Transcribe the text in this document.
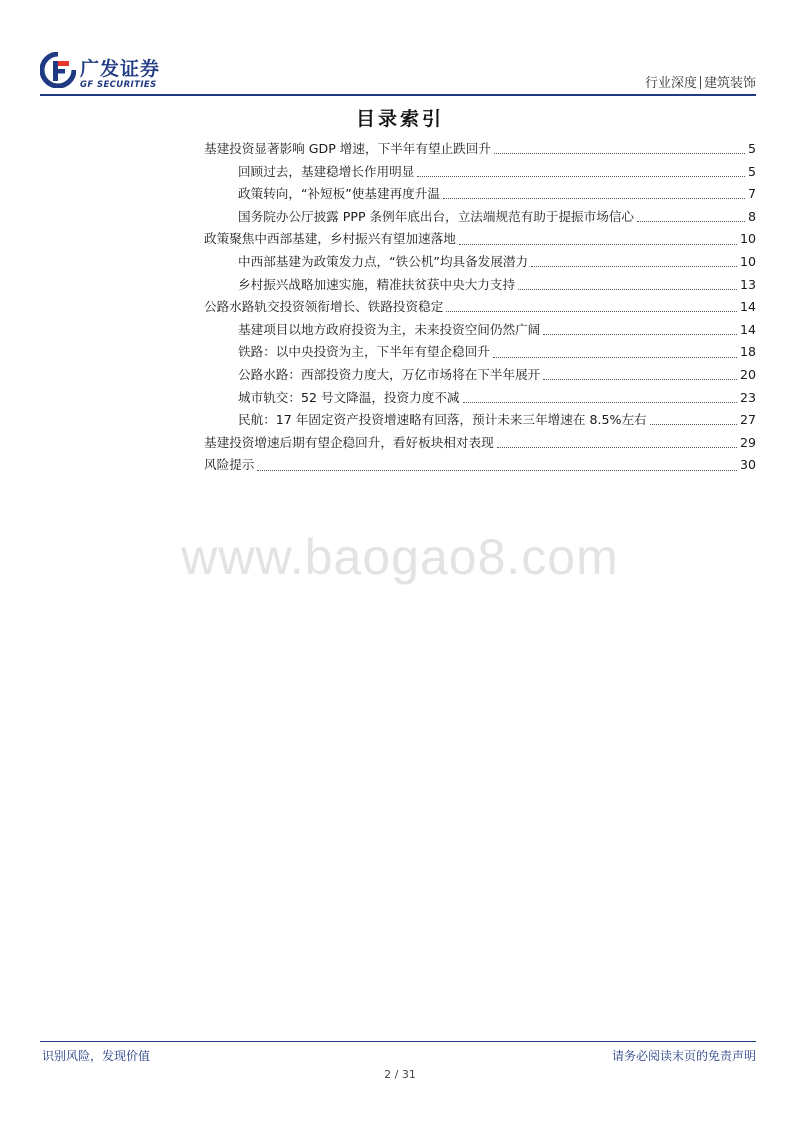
广发证券
GF SECURITIES	行业深度 建筑装饰
目录索引
基建投资显著影响 GDP 增速，下半年有望止跌回升	5
回顾过去，基建稳增长作用明显	5
政策转向，“补短板”使基建再度升温	7
国务院办公厅披露 PPP 条例年底出台，立法端规范有助于提振市场信心	8
政策聚焦中西部基建，乡村振兴有望加速落地	10
中西部基建为政策发力点，“铁公机”均具备发展潜力	10
乡村振兴战略加速实施，精准扶贫获中央大力支持	13
公路水路轨交投资领衔增长、铁路投资稳定	14
基建项目以地方政府投资为主，未来投资空间仍然广阔	14
铁路：以中央投资为主，下半年有望企稳回升	18
公路水路：西部投资力度大，万亿市场将在下半年展开	20
城市轨交：52 号文降温，投资力度不减	23
民航：17 年固定资产投资增速略有回落，预计未来三年增速在 8.5%左右	27
基建投资增速后期有望企稳回升，看好板块相对表现	29
风险提示	30
www.baogao8.com
识别风险，发现价值	请务必阅读末页的免责声明
2 / 31
